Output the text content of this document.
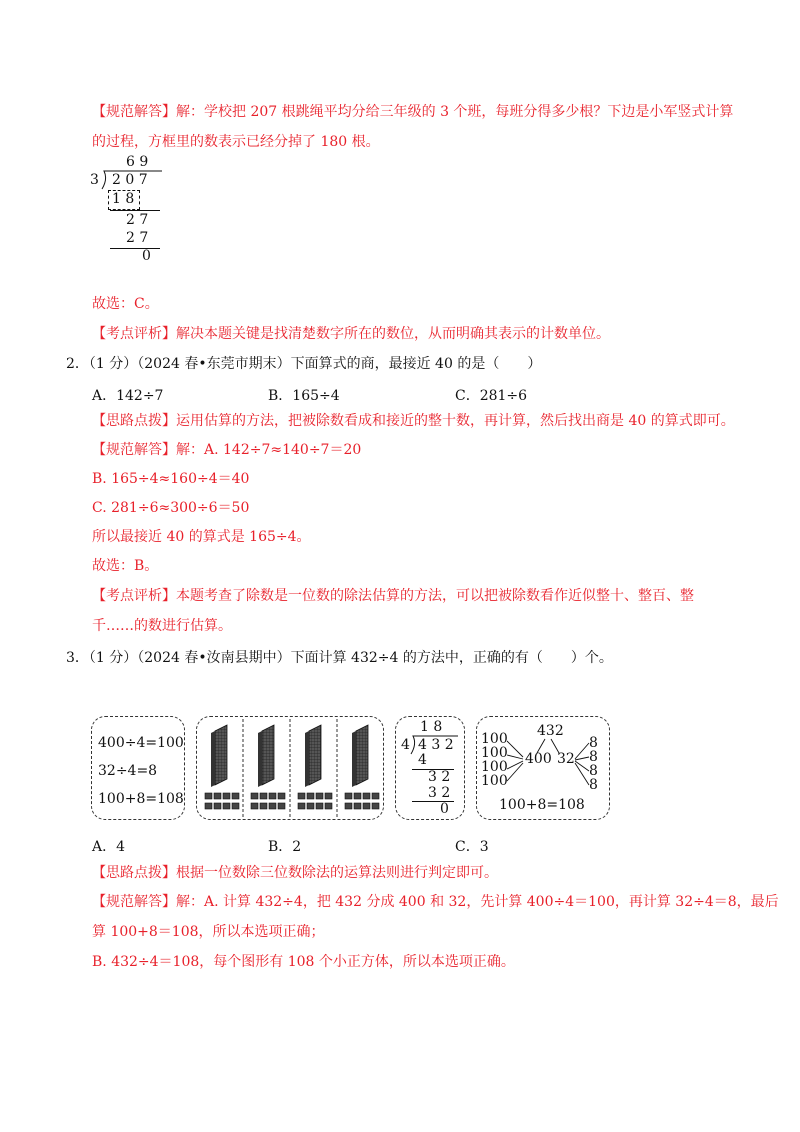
【规范解答】解：学校把 207 根跳绳平均分给三年级的 3 个班，每班分得多少根？下边是小军竖式计算
的过程，方框里的数表示已经分掉了 180 根。
6 9
3 2 0 7
1 8
2 7
2 7
0
故选：C。
【考点评析】解决本题关键是找清楚数字所在的数位，从而明确其表示的计数单位。
2．（1 分）（2024 春•东莞市期末）下面算式的商，最接近 40 的是（　　）
A．142÷7	B．165÷4	C．281÷6
【思路点拨】运用估算的方法，把被除数看成和接近的整十数，再计算，然后找出商是 40 的算式即可。
【规范解答】解：A. 142÷7≈140÷7＝20
B. 165÷4≈160÷4＝40
C. 281÷6≈300÷6＝50
所以最接近 40 的算式是 165÷4。
故选：B。
【考点评析】本题考查了除数是一位数的除法估算的方法，可以把被除数看作近似整十、整百、整
千……的数进行估算。
3．（1 分）（2024 春•汝南县期中）下面计算 432÷4 的方法中，正确的有（　　）个。
400÷4=100
32÷4=8
100+8=108
1 8
4 4 3 2
4
3 2
3 2
0
432
100
100
100
100
400 32
8
8
8
8
100+8=108
A．4	B．2	C．3
【思路点拨】根据一位数除三位数除法的运算法则进行判定即可。
【规范解答】解：A. 计算 432÷4，把 432 分成 400 和 32，先计算 400÷4＝100，再计算 32÷4＝8，最后
算 100+8＝108，所以本选项正确；
B. 432÷4＝108，每个图形有 108 个小正方体，所以本选项正确。
